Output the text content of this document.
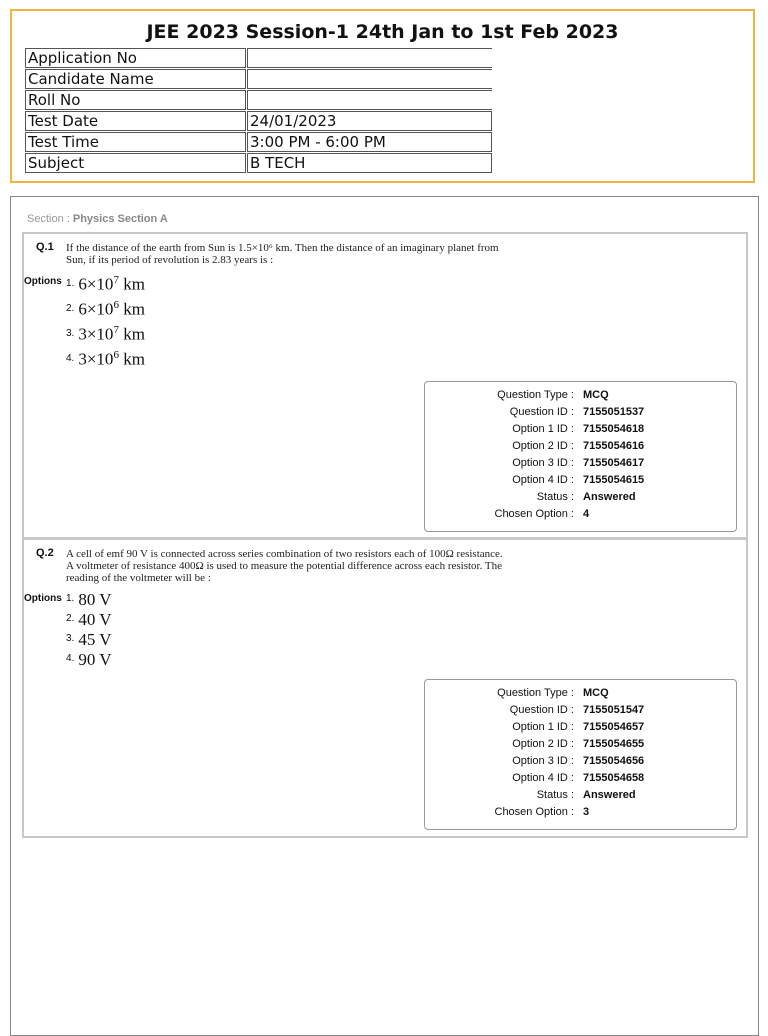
JEE 2023 Session-1 24th Jan to 1st Feb 2023
Application No	
Candidate Name	
Roll No	
Test Date	24/01/2023
Test Time	3:00 PM - 6:00 PM
Subject	B TECH
Section : Physics Section A
Q.1 If the distance of the earth from Sun is 1.5×10⁶ km. Then the distance of an imaginary planet from
Sun, if its period of revolution is 2.83 years is :
Options $^{1.}$ $6\times 10^7$ km
$^{2.}$ $6\times 10^6$ km
$^{3.}$ $3\times 10^7$ km
$^{4.}$ $3\times 10^6$ km
Question Type : MCQ
Question ID : 7155051537
Option 1 ID : 7155054618
Option 2 ID : 7155054616
Option 3 ID : 7155054617
Option 4 ID : 7155054615
Status : Answered
Chosen Option : 4
Q.2 A cell of emf 90 V is connected across series combination of two resistors each of 100Ω resistance.
A voltmeter of resistance 400Ω is used to measure the potential difference across each resistor. The
reading of the voltmeter will be :
Options $^{1.}$ 80 V
$^{2.}$ 40 V
$^{3.}$ 45 V
$^{4.}$ 90 V
Question Type : MCQ
Question ID : 7155051547
Option 1 ID : 7155054657
Option 2 ID : 7155054655
Option 3 ID : 7155054656
Option 4 ID : 7155054658
Status : Answered
Chosen Option : 3
